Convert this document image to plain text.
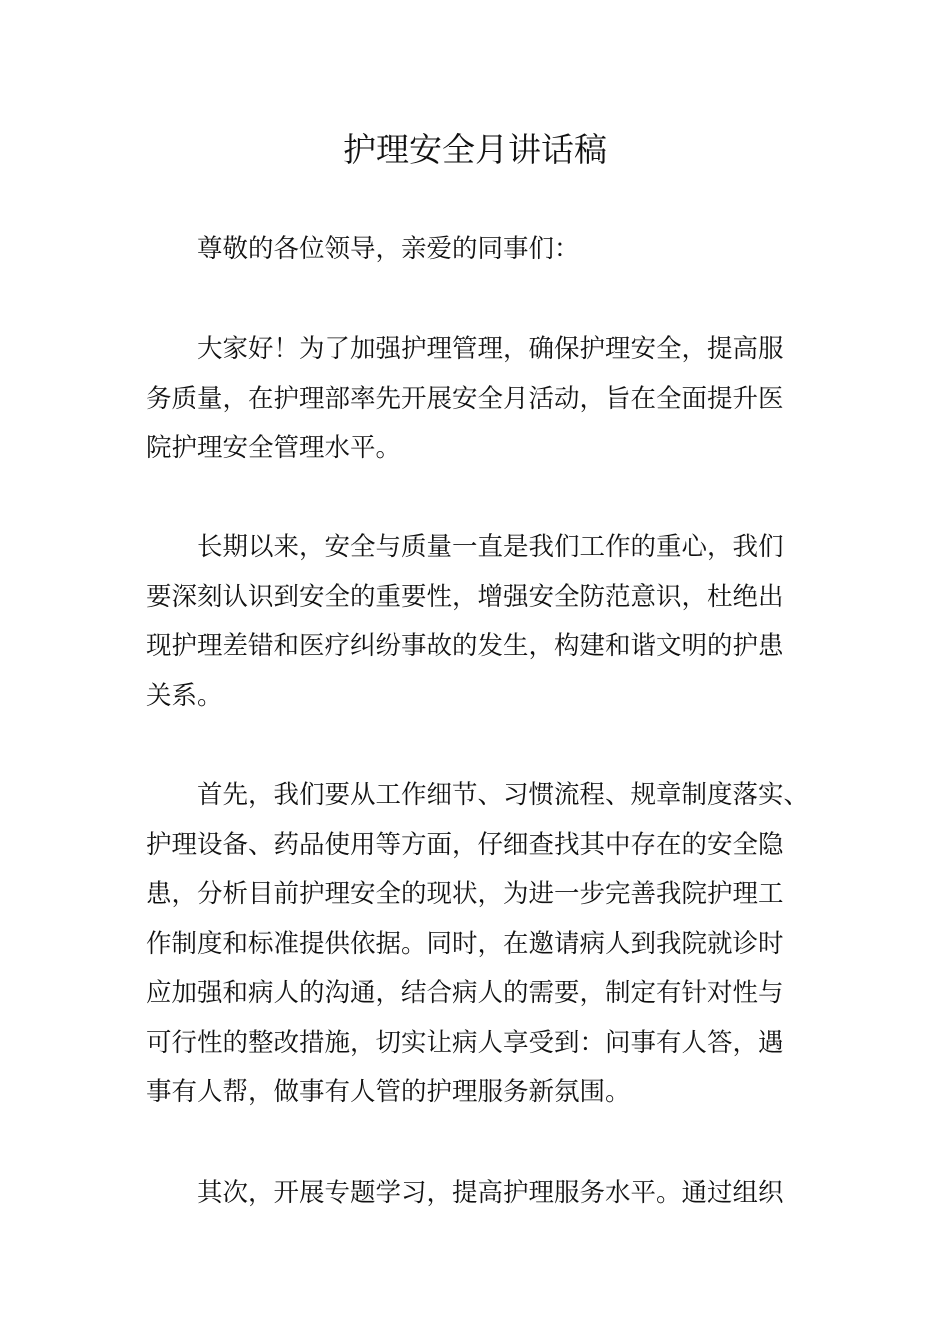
护理安全月讲话稿

尊敬的各位领导，亲爱的同事们：

大家好！为了加强护理管理，确保护理安全，提高服
务质量，在护理部率先开展安全月活动，旨在全面提升医
院护理安全管理水平。

长期以来，安全与质量一直是我们工作的重心，我们
要深刻认识到安全的重要性，增强安全防范意识，杜绝出
现护理差错和医疗纠纷事故的发生，构建和谐文明的护患
关系。

首先，我们要从工作细节、习惯流程、规章制度落实、
护理设备、药品使用等方面，仔细查找其中存在的安全隐
患，分析目前护理安全的现状，为进一步完善我院护理工
作制度和标准提供依据。同时，在邀请病人到我院就诊时
应加强和病人的沟通，结合病人的需要，制定有针对性与
可行性的整改措施，切实让病人享受到：问事有人答，遇
事有人帮，做事有人管的护理服务新氛围。

其次，开展专题学习，提高护理服务水平。通过组织
